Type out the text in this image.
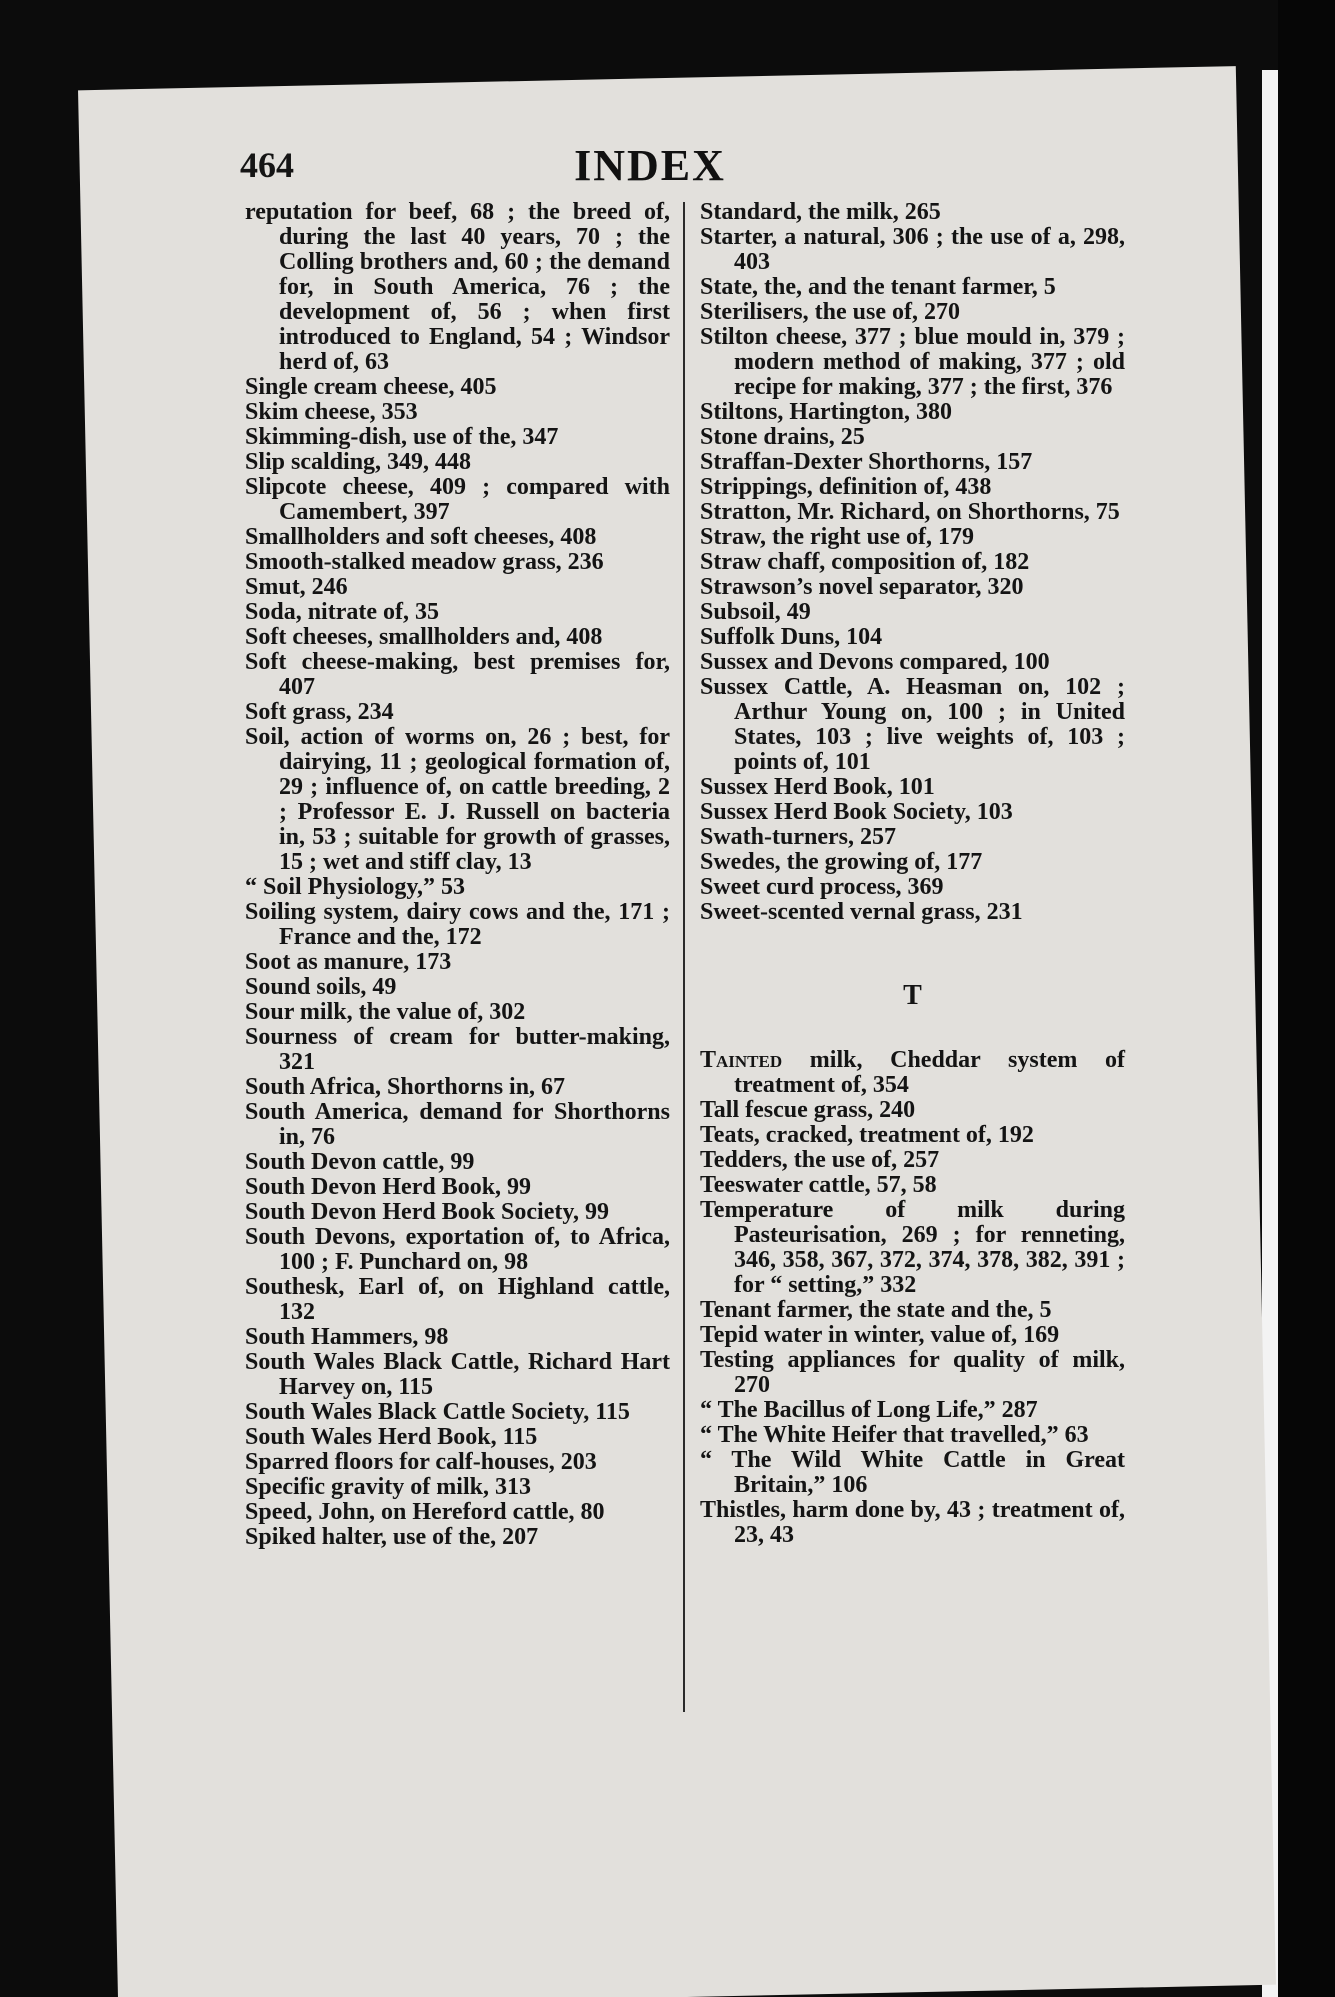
464	INDEX

reputation for beef, 68 ; the breed of, during the last 40 years, 70 ; the Colling brothers and, 60 ; the demand for, in South America, 76 ; the development of, 56 ; when first introduced to England, 54 ; Windsor herd of, 63

Single cream cheese, 405

Skim cheese, 353

Skimming-dish, use of the, 347

Slip scalding, 349, 448

Slipcote cheese, 409 ; compared with Camembert, 397

Smallholders and soft cheeses, 408

Smooth-stalked meadow grass, 236

Smut, 246

Soda, nitrate of, 35

Soft cheeses, smallholders and, 408

Soft cheese-making, best premises for, 407

Soft grass, 234

Soil, action of worms on, 26 ; best, for dairying, 11 ; geological formation of, 29 ; influence of, on cattle breeding, 2 ; Professor E. J. Russell on bacteria in, 53 ; suitable for growth of grasses, 15 ; wet and stiff clay, 13

“ Soil Physiology,” 53

Soiling system, dairy cows and the, 171 ; France and the, 172

Soot as manure, 173

Sound soils, 49

Sour milk, the value of, 302

Sourness of cream for butter-making, 321

South Africa, Shorthorns in, 67

South America, demand for Shorthorns in, 76

South Devon cattle, 99

South Devon Herd Book, 99

South Devon Herd Book Society, 99

South Devons, exportation of, to Africa, 100 ; F. Punchard on, 98

Southesk, Earl of, on Highland cattle, 132

South Hammers, 98

South Wales Black Cattle, Richard Hart Harvey on, 115

South Wales Black Cattle Society, 115

South Wales Herd Book, 115

Sparred floors for calf-houses, 203

Specific gravity of milk, 313

Speed, John, on Hereford cattle, 80

Spiked halter, use of the, 207

Standard, the milk, 265

Starter, a natural, 306 ; the use of a, 298, 403

State, the, and the tenant farmer, 5

Sterilisers, the use of, 270

Stilton cheese, 377 ; blue mould in, 379 ; modern method of making, 377 ; old recipe for making, 377 ; the first, 376

Stiltons, Hartington, 380

Stone drains, 25

Straffan-Dexter Shorthorns, 157

Strippings, definition of, 438

Stratton, Mr. Richard, on Shorthorns, 75

Straw, the right use of, 179

Straw chaff, composition of, 182

Strawson’s novel separator, 320

Subsoil, 49

Suffolk Duns, 104

Sussex and Devons compared, 100

Sussex Cattle, A. Heasman on, 102 ; Arthur Young on, 100 ; in United States, 103 ; live weights of, 103 ; points of, 101

Sussex Herd Book, 101

Sussex Herd Book Society, 103

Swath-turners, 257

Swedes, the growing of, 177

Sweet curd process, 369

Sweet-scented vernal grass, 231

T

Tainted milk, Cheddar system of treatment of, 354

Tall fescue grass, 240

Teats, cracked, treatment of, 192

Tedders, the use of, 257

Teeswater cattle, 57, 58

Temperature of milk during Pasteurisation, 269 ; for renneting, 346, 358, 367, 372, 374, 378, 382, 391 ; for “ setting,” 332

Tenant farmer, the state and the, 5

Tepid water in winter, value of, 169

Testing appliances for quality of milk, 270

“ The Bacillus of Long Life,” 287

“ The White Heifer that travelled,” 63

“ The Wild White Cattle in Great Britain,” 106

Thistles, harm done by, 43 ; treatment of, 23, 43
